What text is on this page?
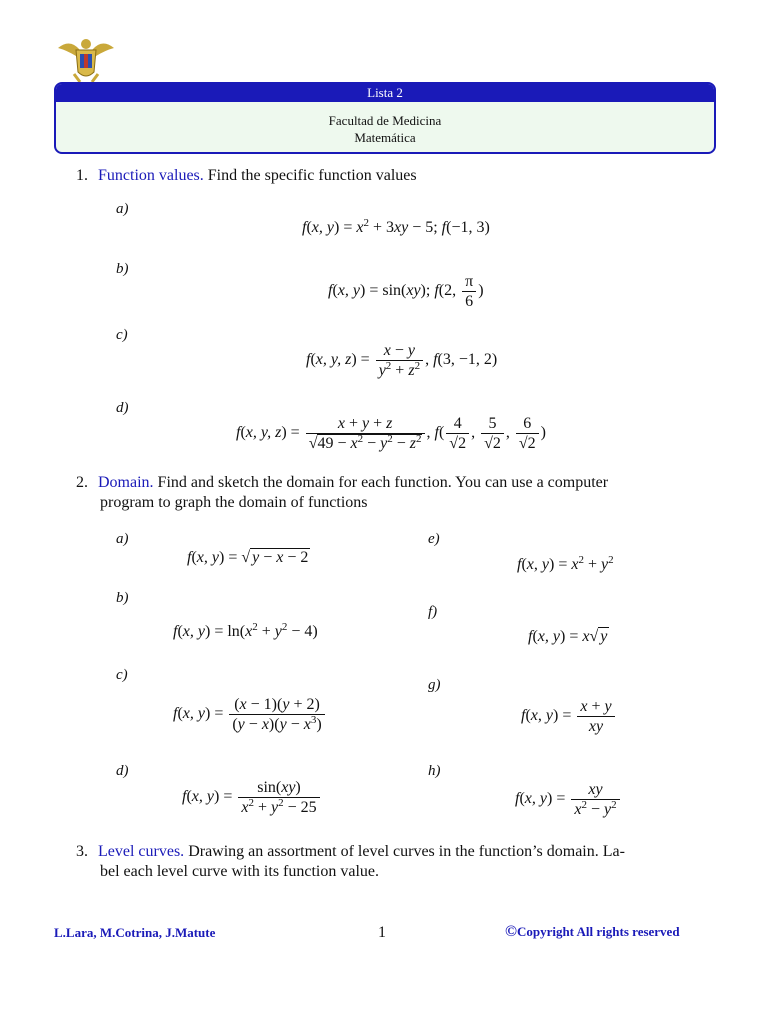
Lista 2
Facultad de Medicina
Matemática
1. Function values. Find the specific function values
a)
f(x, $y) = x^2 + 3xy - 5$; f(−1, 3)
b)
f(x, y) = sin(xy); f(2, $\frac{\pi}{6}$ )
c)
f(x, y, $z) = \frac{x - y}{y^2 + z^2}$ , f(3, −1, 2)
d)
f(x, y, $z) = \frac{x + y + z}{√49 - x^2 - y^2 - z^2}$ , $f( \frac{4}{√2}$ , $\frac{5}{√2}$ , $\frac{6}{√2}$ )
2. Domain. Find and sketch the domain for each function. You can use a computer
program to graph the domain of functions
a)
f(x, y) = √ y − x − 2
b)
f(x, $y) = \ln(x^2 + y^2 - 4)$
c)
f(x, $y) = \frac{(x - 1)(y + 2)}{(y - x)(y - x^3)}$
d)
f(x, $y) = \frac{\sin(xy)}{x^2 + y^2 - 25}$
e)
f(x, $y) = x^2 + y^2$
f)
f(x, y) = x√ y
g)
f(x, $y) = \frac{x + y}{xy}$
h)
f(x, $y) = \frac{xy}{x^2 - y^2}$
3. Level curves. Drawing an assortment of level curves in the function’s domain. La-
bel each level curve with its function value.
L.Lara, M.Cotrina, J.Matute	1	©Copyright All rights reserved
